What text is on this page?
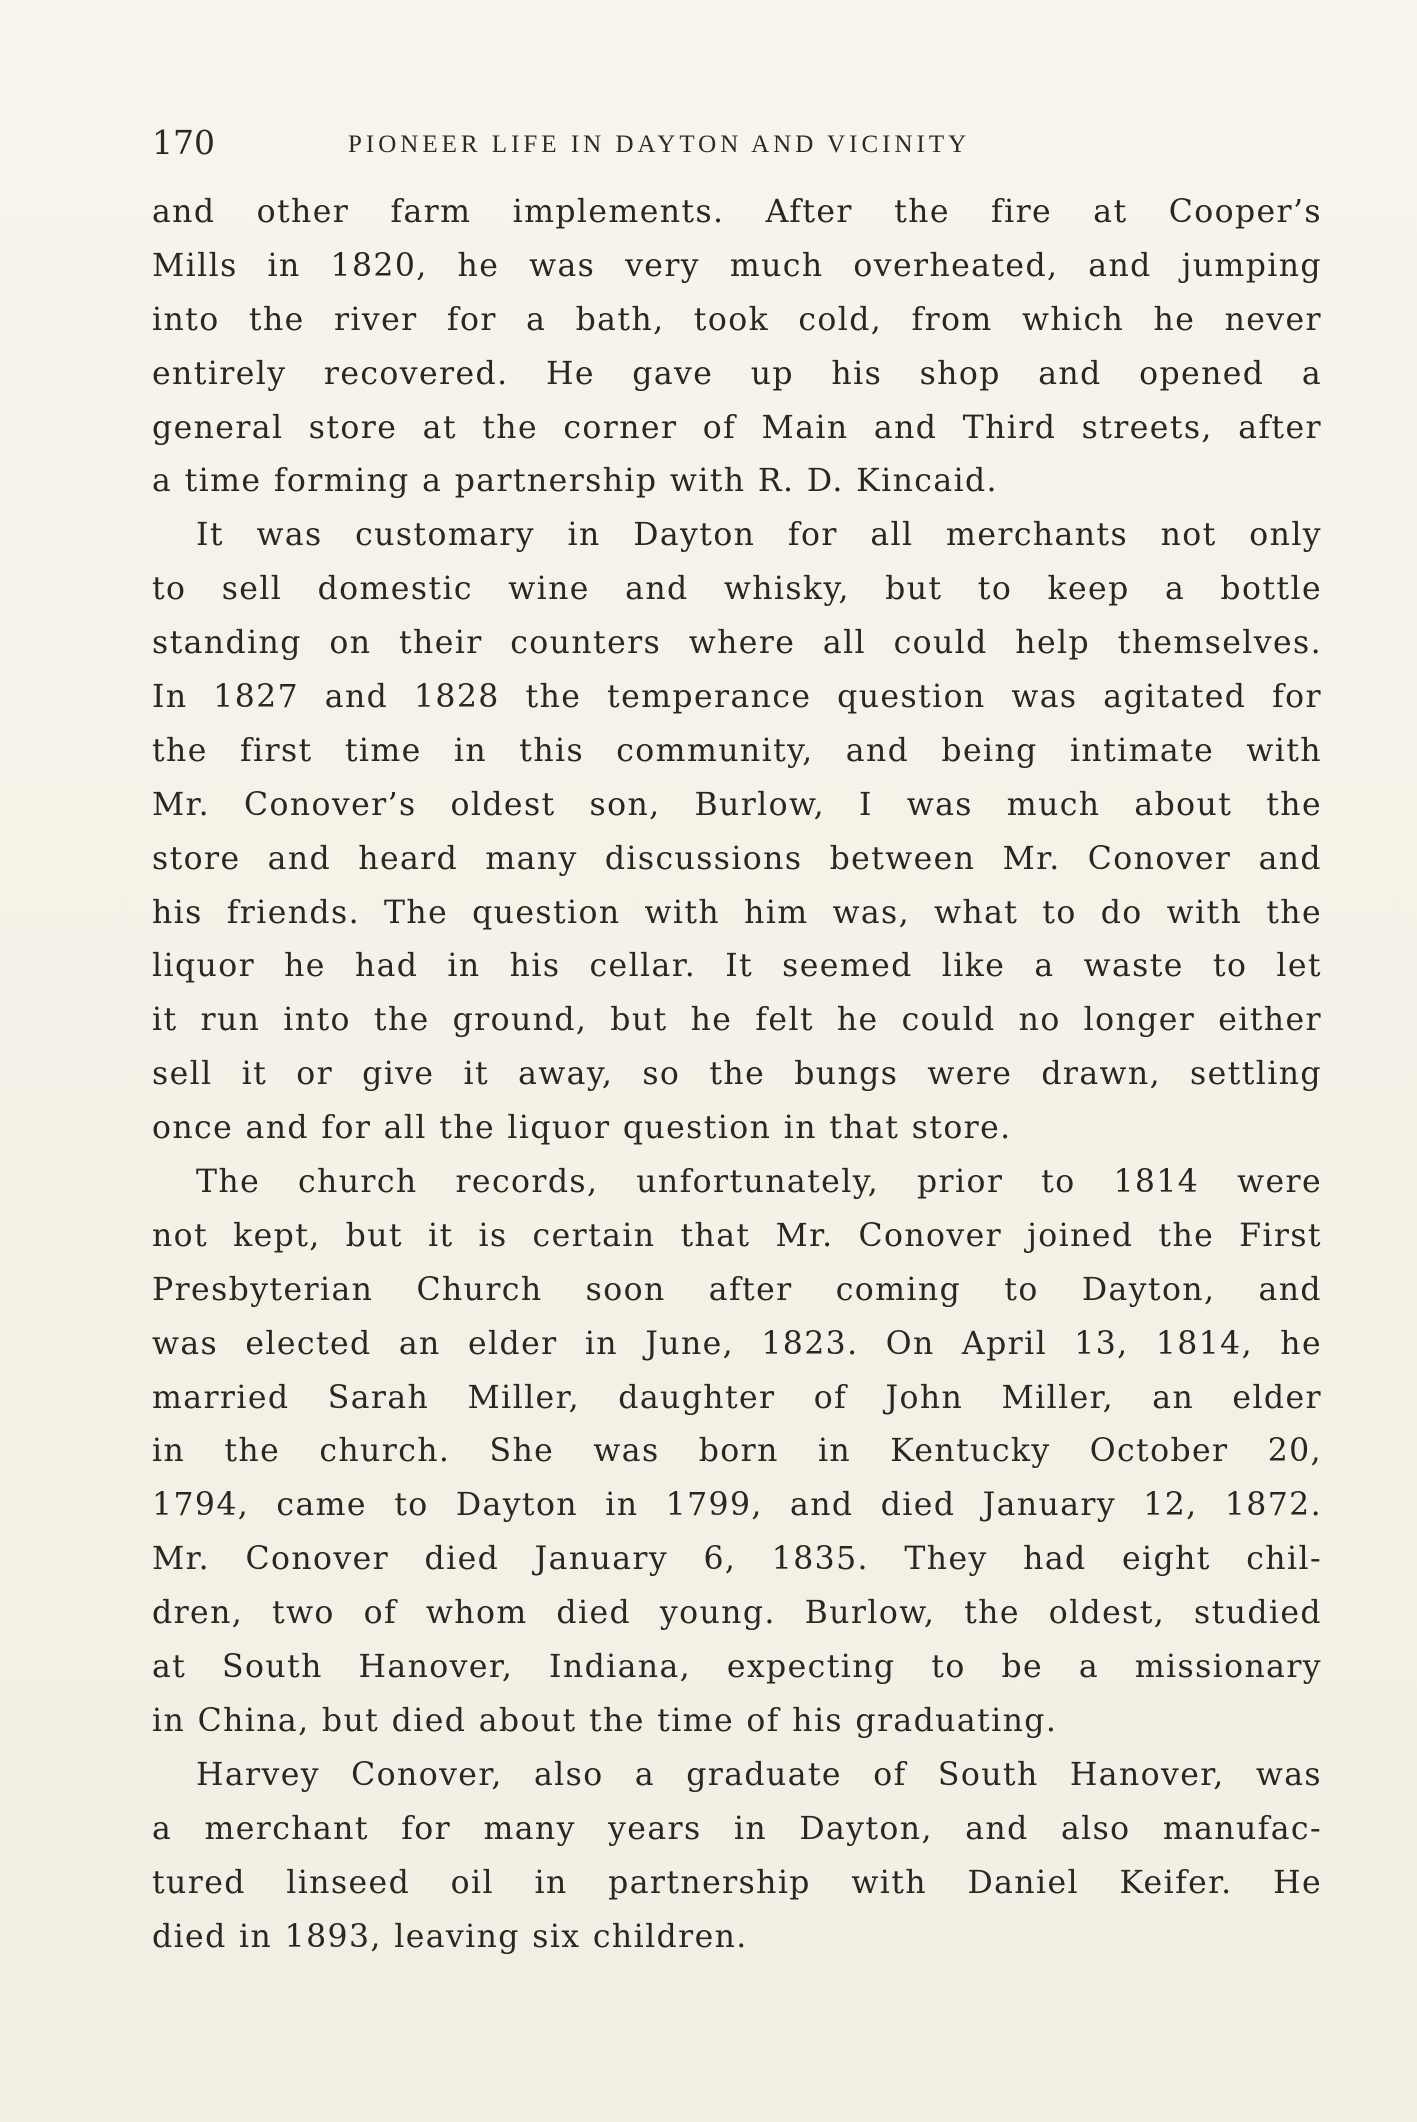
170	PIONEER LIFE IN DAYTON AND VICINITY
and other farm implements. After the fire at Cooper’s
Mills in 1820, he was very much overheated, and jumping
into the river for a bath, took cold, from which he never
entirely recovered. He gave up his shop and opened a
general store at the corner of Main and Third streets, after
a time forming a partnership with R. D. Kincaid.
It was customary in Dayton for all merchants not only
to sell domestic wine and whisky, but to keep a bottle
standing on their counters where all could help themselves.
In 1827 and 1828 the temperance question was agitated for
the first time in this community, and being intimate with
Mr. Conover’s oldest son, Burlow, I was much about the
store and heard many discussions between Mr. Conover and
his friends. The question with him was, what to do with the
liquor he had in his cellar. It seemed like a waste to let
it run into the ground, but he felt he could no longer either
sell it or give it away, so the bungs were drawn, settling
once and for all the liquor question in that store.
The church records, unfortunately, prior to 1814 were
not kept, but it is certain that Mr. Conover joined the First
Presbyterian Church soon after coming to Dayton, and
was elected an elder in June, 1823. On April 13, 1814, he
married Sarah Miller, daughter of John Miller, an elder
in the church. She was born in Kentucky October 20,
1794, came to Dayton in 1799, and died January 12, 1872.
Mr. Conover died January 6, 1835. They had eight chil-
dren, two of whom died young. Burlow, the oldest, studied
at South Hanover, Indiana, expecting to be a missionary
in China, but died about the time of his graduating.
Harvey Conover, also a graduate of South Hanover, was
a merchant for many years in Dayton, and also manufac-
tured linseed oil in partnership with Daniel Keifer. He
died in 1893, leaving six children.
